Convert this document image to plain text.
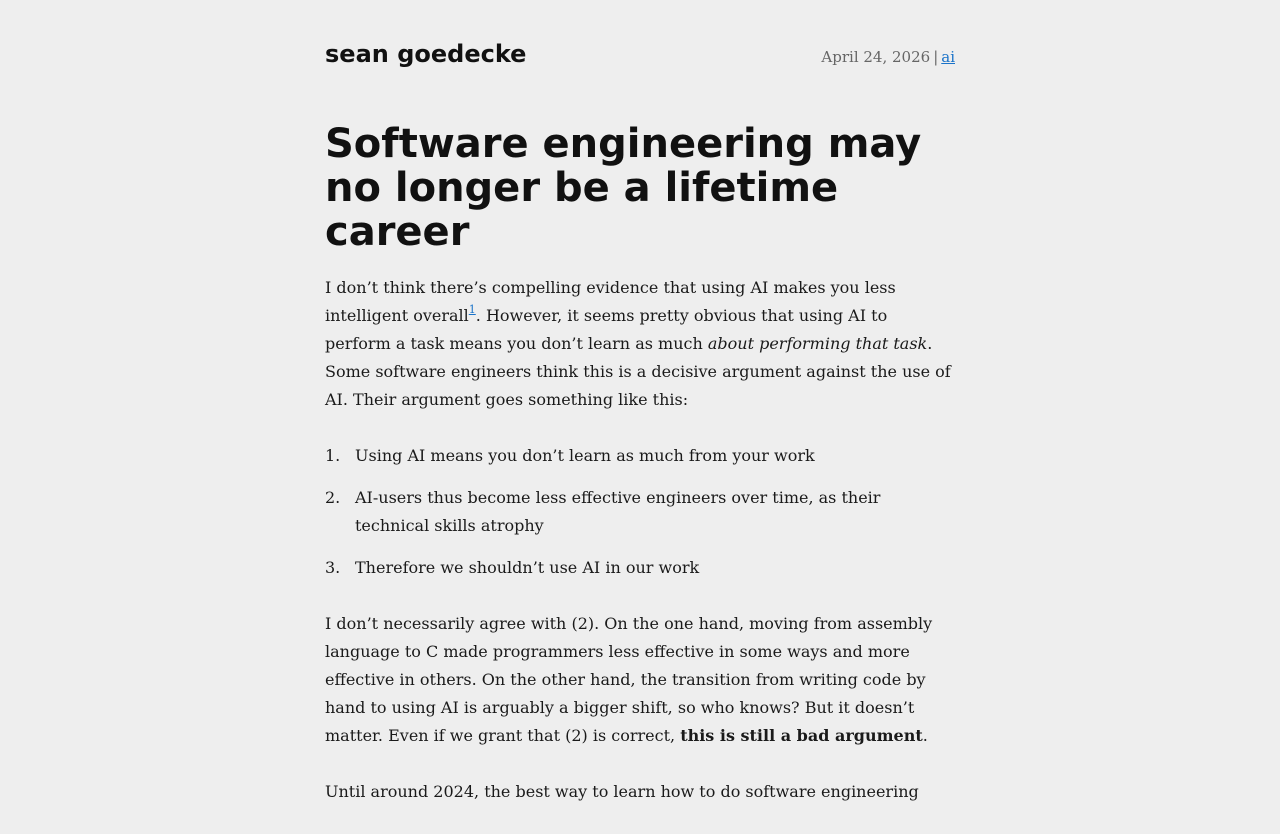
sean goedecke	April 24, 2026 | ai
Software engineering may no longer be a lifetime career

I don’t think there’s compelling evidence that using AI makes you less intelligent overall$^1$. However, it seems pretty obvious that using AI to perform a task means you don’t learn as much about performing that task. Some software engineers think this is a decisive argument against the use of AI. Their argument goes something like this:

1. Using AI means you don’t learn as much from your work
2. AI-users thus become less effective engineers over time, as their technical skills atrophy
3. Therefore we shouldn’t use AI in our work

I don’t necessarily agree with (2). On the one hand, moving from assembly language to C made programmers less effective in some ways and more effective in others. On the other hand, the transition from writing code by hand to using AI is arguably a bigger shift, so who knows? But it doesn’t matter. Even if we grant that (2) is correct, this is still a bad argument.

Until around 2024, the best way to learn how to do software engineering
